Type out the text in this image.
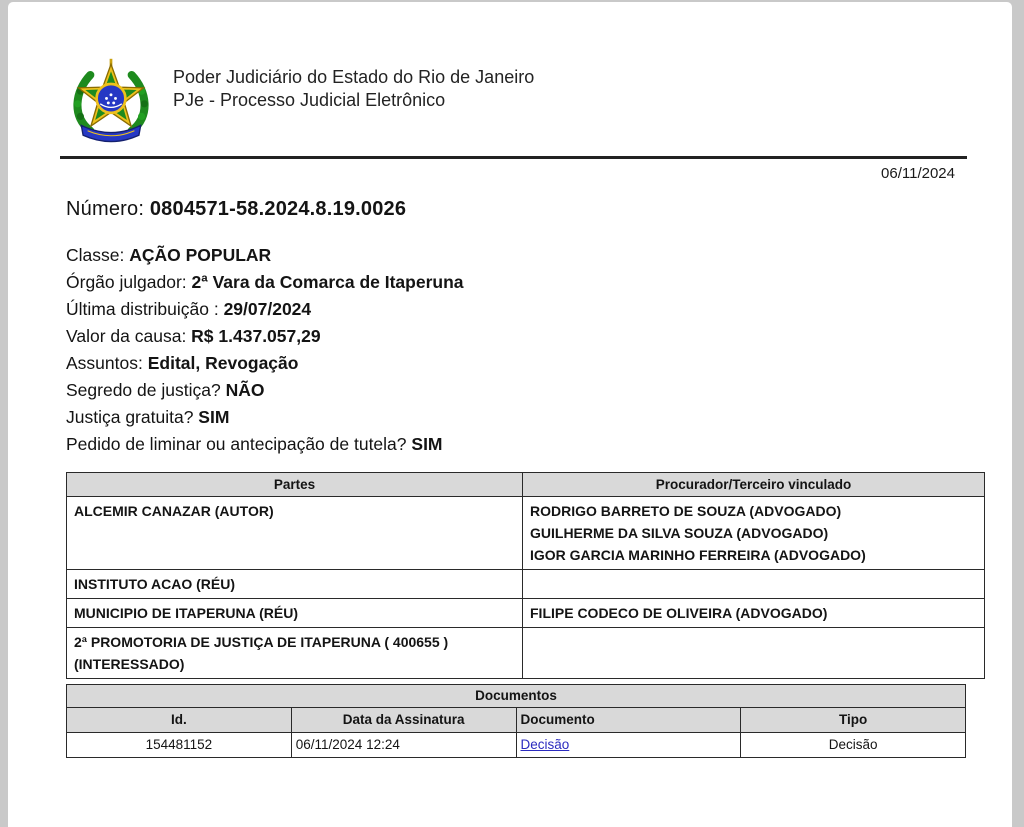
Poder Judiciário do Estado do Rio de Janeiro
PJe - Processo Judicial Eletrônico
06/11/2024
Número: 0804571-58.2024.8.19.0026
Classe: AÇÃO POPULAR
Órgão julgador: 2ª Vara da Comarca de Itaperuna
Última distribuição : 29/07/2024
Valor da causa: R$ 1.437.057,29
Assuntos: Edital, Revogação
Segredo de justiça? NÃO
Justiça gratuita? SIM
Pedido de liminar ou antecipação de tutela? SIM
Partes	Procurador/Terceiro vinculado
ALCEMIR CANAZAR (AUTOR)	RODRIGO BARRETO DE SOUZA (ADVOGADO)
GUILHERME DA SILVA SOUZA (ADVOGADO)
IGOR GARCIA MARINHO FERREIRA (ADVOGADO)

INSTITUTO ACAO (RÉU)	
MUNICIPIO DE ITAPERUNA (RÉU)	FILIPE CODECO DE OLIVEIRA (ADVOGADO)

2ª PROMOTORIA DE JUSTIÇA DE ITAPERUNA ( 400655 ) (INTERESSADO)	
Documentos			
Id.	Data da Assinatura	Documento	Tipo
154481152	06/11/2024 12:24	Decisão	Decisão
